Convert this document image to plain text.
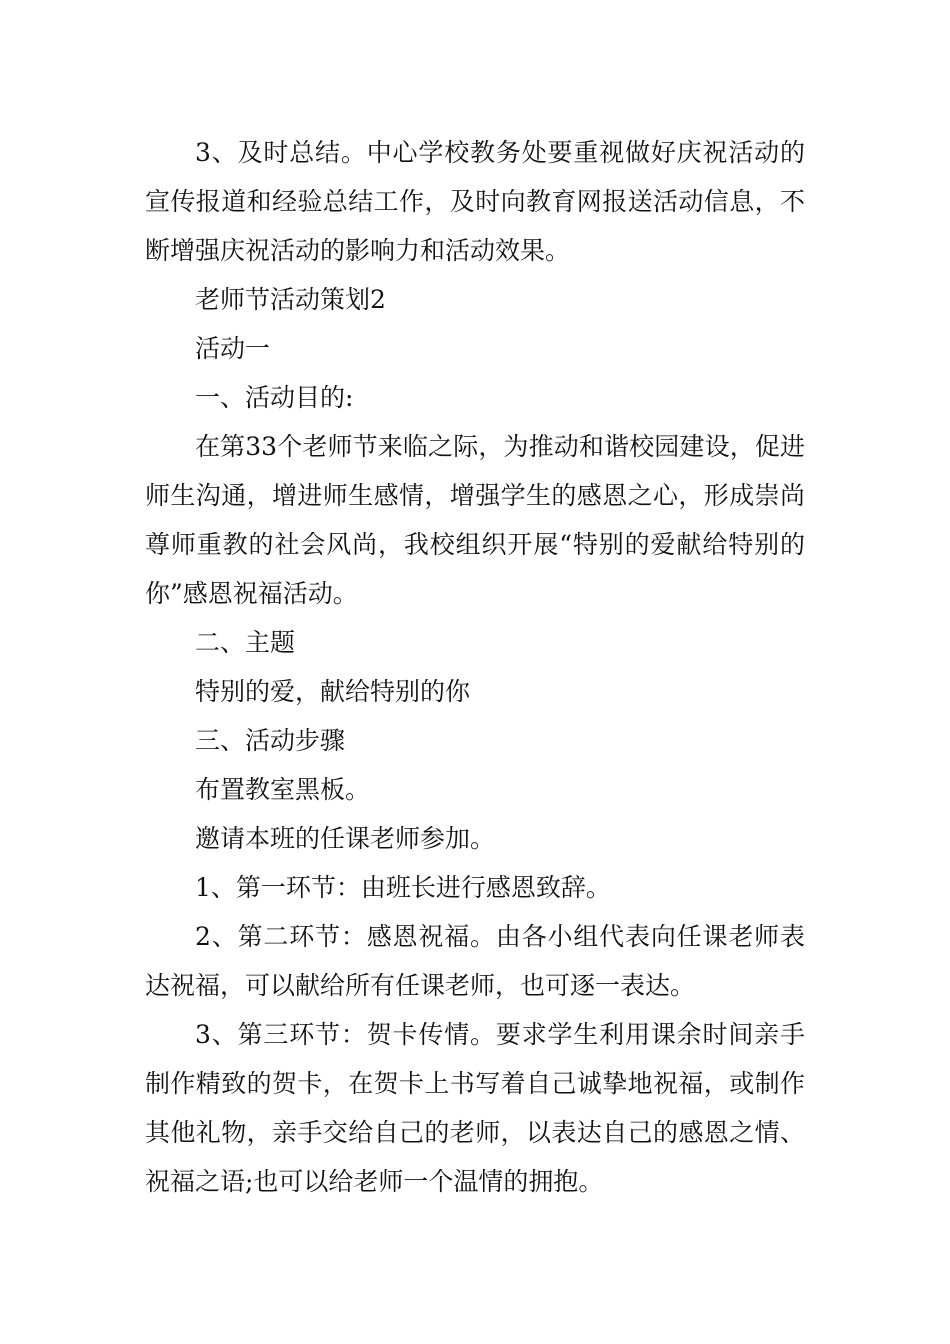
3、及时总结。中心学校教务处要重视做好庆祝活动的宣传报道和经验总结工作，及时向教育网报送活动信息，不断增强庆祝活动的影响力和活动效果。

老师节活动策划2

活动一

一、活动目的:

在第33个老师节来临之际，为推动和谐校园建设，促进师生沟通，增进师生感情，增强学生的感恩之心，形成崇尚尊师重教的社会风尚，我校组织开展“特别的爱献给特别的你”感恩祝福活动。

二、主题

特别的爱，献给特别的你

三、活动步骤

布置教室黑板。

邀请本班的任课老师参加。

1、第一环节：由班长进行感恩致辞。

2、第二环节：感恩祝福。由各小组代表向任课老师表达祝福，可以献给所有任课老师，也可逐一表达。

3、第三环节：贺卡传情。要求学生利用课余时间亲手制作精致的贺卡，在贺卡上书写着自己诚挚地祝福，或制作其他礼物，亲手交给自己的老师，以表达自己的感恩之情、祝福之语;也可以给老师一个温情的拥抱。
